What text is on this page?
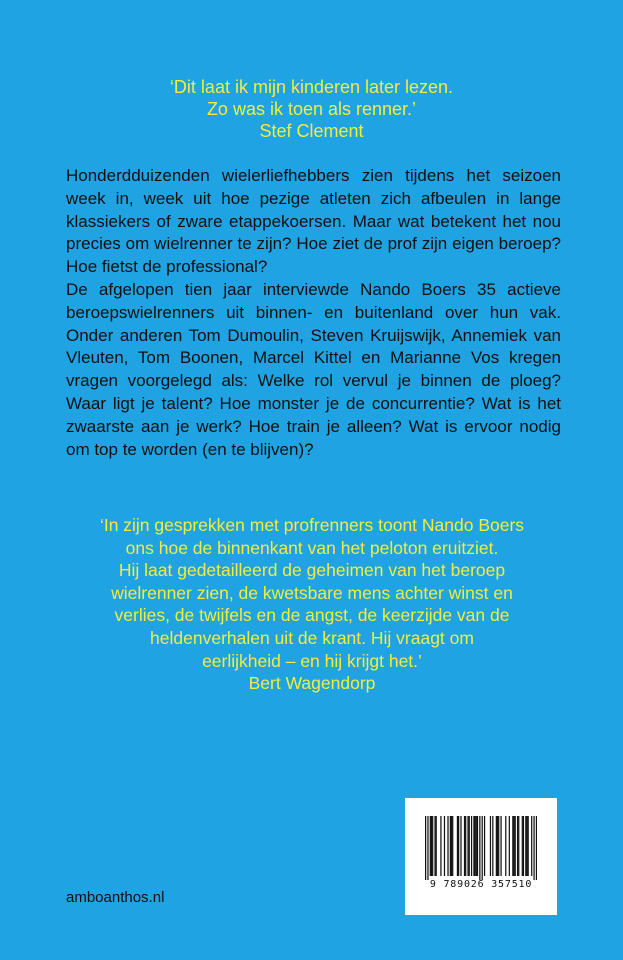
‘Dit laat ik mijn kinderen later lezen.
Zo was ik toen als renner.’
Stef Clement
Honderdduizenden wielerliefhebbers zien tijdens het seizoen week in, week uit hoe pezige atleten zich afbeulen in lange klassiekers of zware etappekoersen. Maar wat betekent het nou precies om wielrenner te zijn? Hoe ziet de prof zijn eigen beroep? Hoe fietst de professional?
De afgelopen tien jaar interviewde Nando Boers 35 actieve beroepswielrenners uit binnen- en buitenland over hun vak. Onder anderen Tom Dumoulin, Steven Kruijswijk, Annemiek van Vleuten, Tom Boonen, Marcel Kittel en Marianne Vos kregen vragen voorgelegd als: Welke rol vervul je binnen de ploeg? Waar ligt je talent? Hoe monster je de concurrentie? Wat is het zwaarste aan je werk? Hoe train je alleen? Wat is ervoor nodig om top te worden (en te blijven)?
‘In zijn gesprekken met profrenners toont Nando Boers
ons hoe de binnenkant van het peloton eruitziet.
Hij laat gedetailleerd de geheimen van het beroep
wielrenner zien, de kwetsbare mens achter winst en
verlies, de twijfels en de angst, de keerzijde van de
heldenverhalen uit de krant. Hij vraagt om
eerlijkheid – en hij krijgt het.’
Bert Wagendorp
9 789026 357510
amboanthos.nl
